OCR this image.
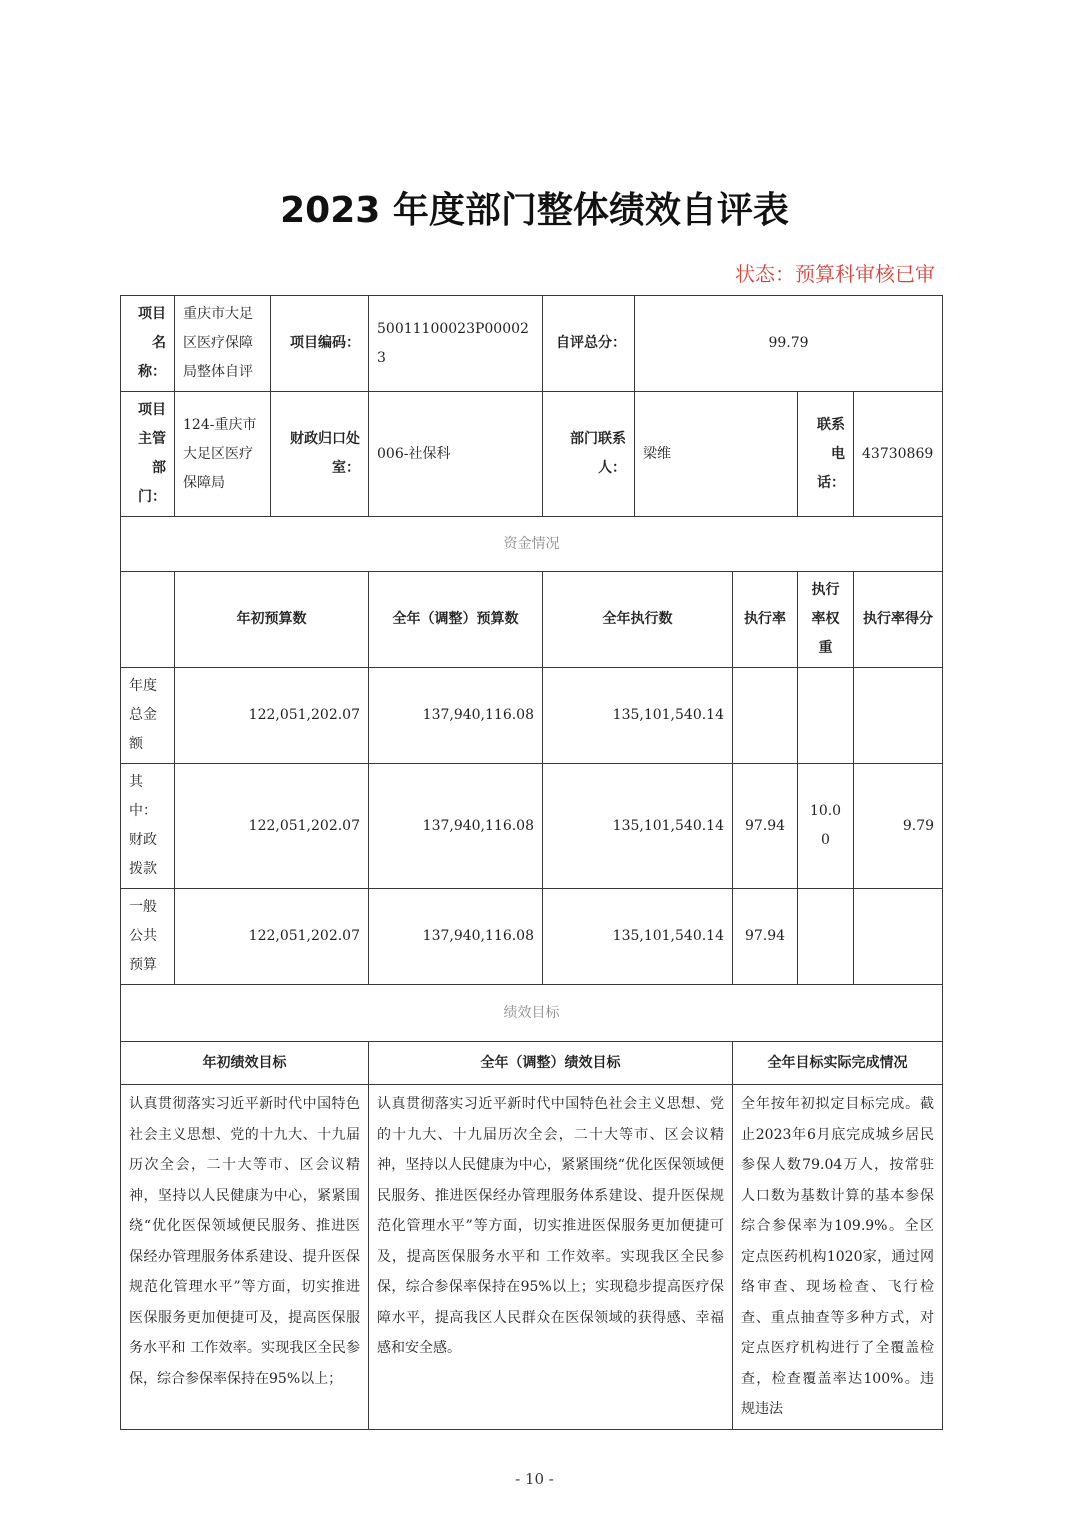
2023 年度部门整体绩效自评表
状态：预算科审核已审
项目名称：	重庆市大足区医疗保障局整体自评	项目编码：	50011100023P000023	自评总分：	99.79			
项目主管部门：	124-重庆市大足区医疗保障局	财政归口处室：	006-社保科	部门联系人：	梁维		联系电话：	43730869
资金情况								
	年初预算数		全年（调整）预算数	全年执行数		执行率	执行率权重	执行率得分
年度总金额	122,051,202.07		137,940,116.08	135,101,540.14				
其中：财政拨款	122,051,202.07		137,940,116.08	135,101,540.14		97.94	10.00	9.79
一般公共预算	122,051,202.07		137,940,116.08	135,101,540.14		97.94		
绩效目标								
年初绩效目标			全年（调整）绩效目标			全年目标实际完成情况		
认真贯彻落实习近平新时代中国特色社会主义思想、党的十九大、十九届历次全会，二十大等市、区会议精神，坚持以人民健康为中心，紧紧围绕“优化医保领域便民服务、推进医保经办管理服务体系建设、提升医保规范化管理水平”等方面，切实推进医保服务更加便捷可及，提高医保服务水平和 工作效率。实现我区全民参保，综合参保率保持在95%以上；			认真贯彻落实习近平新时代中国特色社会主义思想、党的十九大、十九届历次全会，二十大等市、区会议精神，坚持以人民健康为中心，紧紧围绕“优化医保领域便民服务、推进医保经办管理服务体系建设、提升医保规范化管理水平”等方面，切实推进医保服务更加便捷可及，提高医保服务水平和 工作效率。实现我区全民参保，综合参保率保持在95%以上；实现稳步提高医疗保障水平，提高我区人民群众在医保领域的获得感、幸福感和安全感。			全年按年初拟定目标完成。截止2023年6月底完成城乡居民参保人数79.04万人，按常驻人口数为基数计算的基本参保综合参保率为109.9%。全区定点医药机构1020家，通过网络审查、现场检查、飞行检查、重点抽查等多种方式，对定点医疗机构进行了全覆盖检查，检查覆盖率达100%。违规违法		
- 10 -
